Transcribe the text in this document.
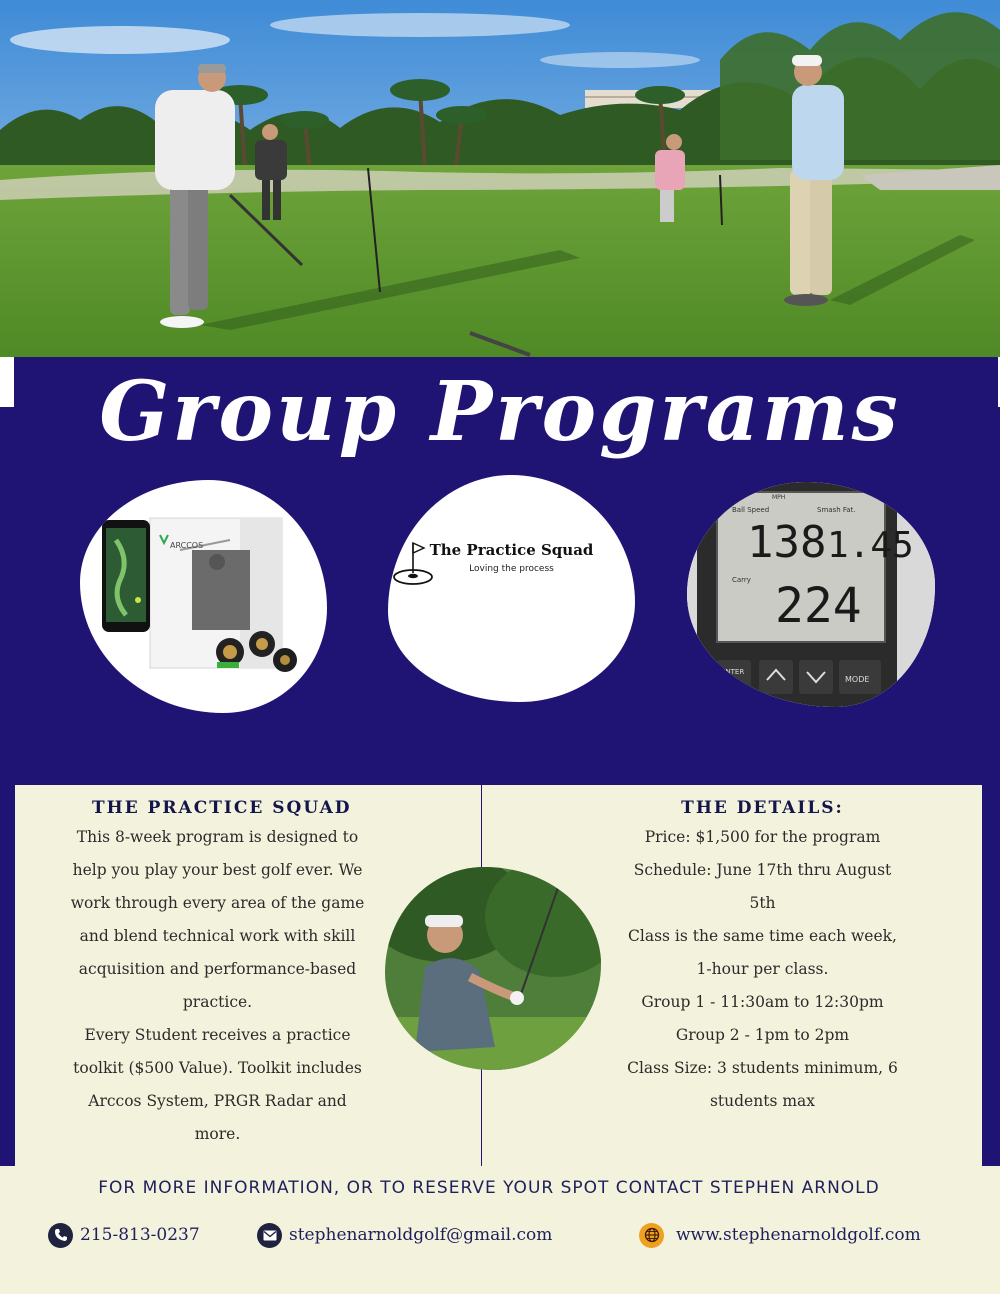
Group Programs
ARCCOS	The Practice Squad
Loving the process
MPH
Ball Speed	Smash Fat.
138 1.45
Carry 224
ENTER
ON/OFF	MODE
THE PRACTICE SQUAD

This 8-week program is designed to

help you play your best golf ever. We

work through every area of the game

and blend technical work with skill

acquisition and performance-based

practice.

Every Student receives a practice

toolkit ($500 Value). Toolkit includes

Arccos System, PRGR Radar and

more.

THE DETAILS:

Price: $1,500 for the program

Schedule: June 17th thru August

5th

Class is the same time each week,

1-hour per class.

Group 1 - 11:30am to 12:30pm

Group 2 - 1pm to 2pm

Class Size: 3 students minimum, 6

students max

FOR MORE INFORMATION, OR TO RESERVE YOUR SPOT CONTACT STEPHEN ARNOLD
215-813-0237	stephenarnoldgolf@gmail.com	www.stephenarnoldgolf.com
